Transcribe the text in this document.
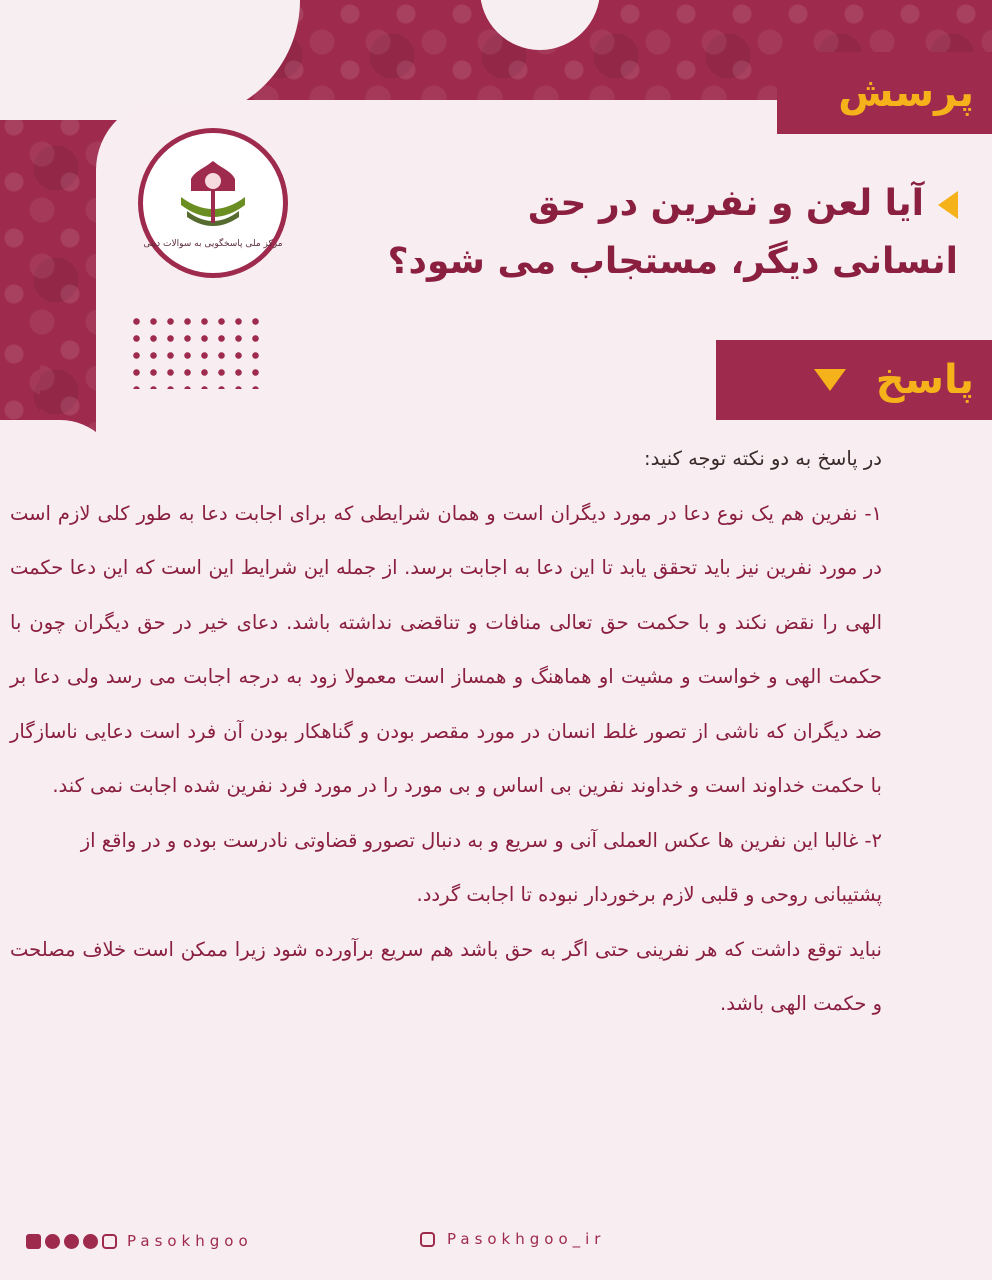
پرسش
مرکز ملی پاسخگویی به سوالات دینی
آیا لعن و نفرین در حق
انسانی دیگر، مستجاب می شود؟
پاسخ

در پاسخ به دو نکته توجه کنید:

۱- نفرین هم یک نوع دعا در مورد دیگران است و همان شرایطی که برای اجابت دعا به طور کلی لازم است در مورد نفرین نیز باید تحقق یابد تا این دعا به اجابت برسد. از جمله این شرایط این است که این دعا حکمت الهی را نقض نکند و با حکمت حق تعالی منافات و تناقضی نداشته باشد. دعای خیر در حق دیگران چون با حکمت الهی و خواست و مشیت او هماهنگ و همساز است معمولا زود به درجه اجابت می رسد ولی دعا بر ضد دیگران که ناشی از تصور غلط انسان در مورد مقصر بودن و گناهکار بودن آن فرد است دعایی ناسازگار با حکمت خداوند است و خداوند نفرین بی اساس و بی مورد را در مورد فرد نفرین شده اجابت نمی کند.

۲- غالبا این نفرین ها عکس العملی آنی و سریع و به دنبال تصورو قضاوتی نادرست بوده و در واقع از پشتیبانی روحی و قلبی لازم برخوردار نبوده تا اجابت گردد.

نباید توقع داشت که هر نفرینی حتی اگر به حق باشد هم سریع برآورده شود زیرا ممکن است خلاف مصلحت و حکمت الهی باشد.

Pasokhgoo	Pasokhgoo_ir
